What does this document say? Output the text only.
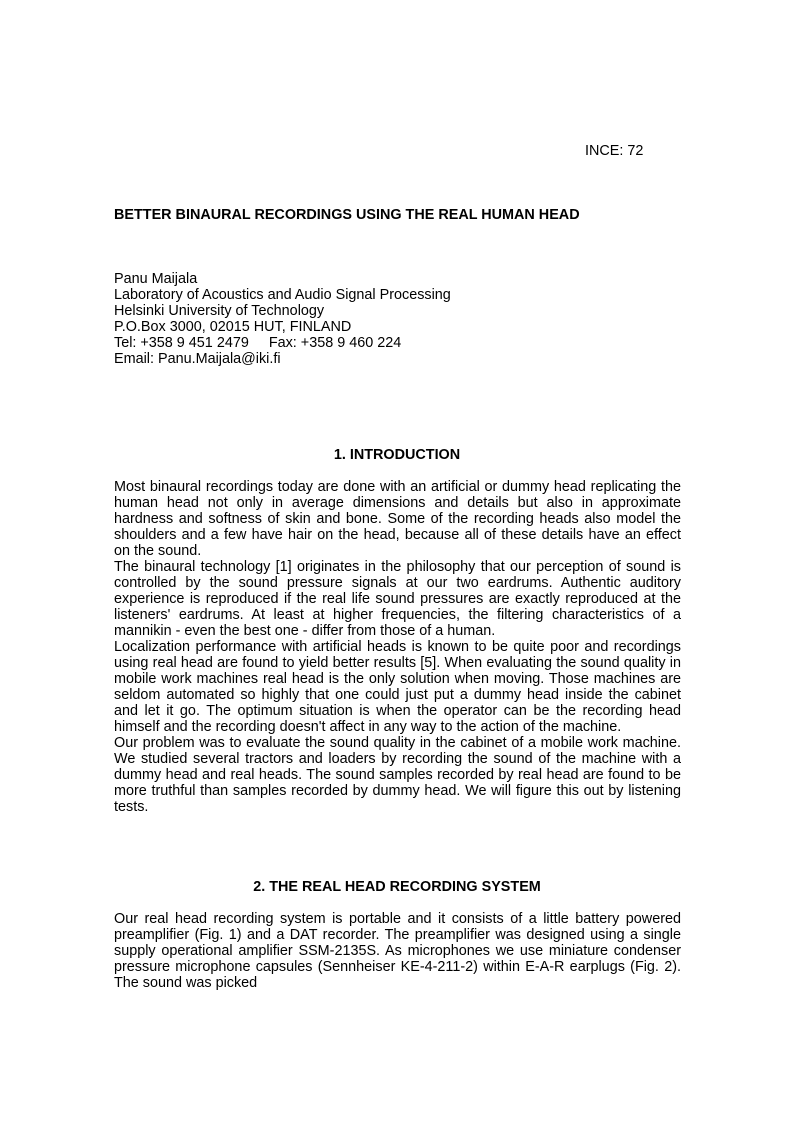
INCE: 72
BETTER BINAURAL RECORDINGS USING THE REAL HUMAN HEAD
Panu Maijala
Laboratory of Acoustics and Audio Signal Processing
Helsinki University of Technology
P.O.Box 3000, 02015 HUT, FINLAND
Tel: +358 9 451 2479     Fax: +358 9 460 224
Email: Panu.Maijala@iki.fi
1. INTRODUCTION

Most binaural recordings today are done with an artificial or dummy head replicating the human head not only in average dimensions and details but also in approximate hardness and softness of skin and bone. Some of the recording heads also model the shoulders and a few have hair on the head, because all of these details have an effect on the sound.

The binaural technology [1] originates in the philosophy that our perception of sound is controlled by the sound pressure signals at our two eardrums. Authentic auditory experience is reproduced if the real life sound pressures are exactly reproduced at the listeners' eardrums. At least at higher frequencies, the filtering characteristics of a mannikin - even the best one - differ from those of a human.

Localization performance with artificial heads is known to be quite poor and recordings using real head are found to yield better results [5]. When evaluating the sound quality in mobile work machines real head is the only solution when moving. Those machines are seldom automated so highly that one could just put a dummy head inside the cabinet and let it go. The optimum situation is when the operator can be the recording head himself and the recording doesn't affect in any way to the action of the machine.

Our problem was to evaluate the sound quality in the cabinet of a mobile work machine. We studied several tractors and loaders by recording the sound of the machine with a dummy head and real heads. The sound samples recorded by real head are found to be more truthful than samples recorded by dummy head. We will figure this out by listening tests.

2. THE REAL HEAD RECORDING SYSTEM

Our real head recording system is portable and it consists of a little battery powered preamplifier (Fig. 1) and a DAT recorder. The preamplifier was designed using a single supply operational amplifier SSM-2135S. As microphones we use miniature condenser pressure microphone capsules (Sennheiser KE-4-211-2) within E-A-R earplugs (Fig. 2). The sound was picked
